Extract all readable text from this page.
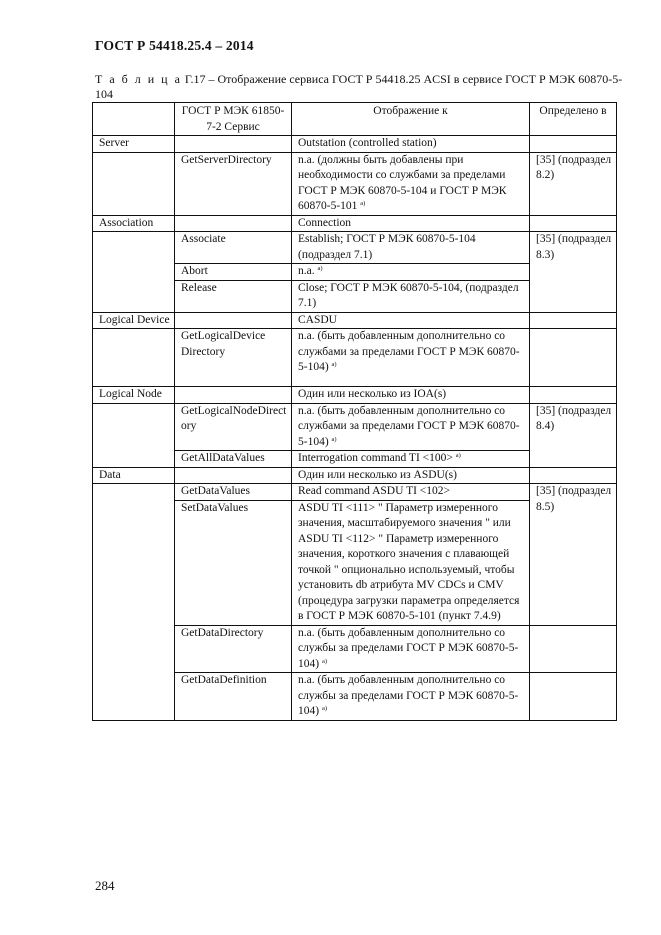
ГОСТ Р 54418.25.4 – 2014
Т а б л и ц а Г.17 – Отображение сервиса ГОСТ Р 54418.25 ACSI в сервисе ГОСТ Р МЭК 60870-5-104
	ГОСТ Р МЭК 61850-7-2 Сервис	Отображение к	Определено в
Server		Outstation (controlled station)	
	GetServerDirectory	n.a. (должны быть добавлены при необходимости со службами за пределами ГОСТ Р МЭК 60870-5-104 и ГОСТ Р МЭК 60870-5-101 $^{a)}$	[35] (подраздел 8.2)
Association		Connection	
	Associate	Establish; ГОСТ Р МЭК 60870-5-104 (подраздел 7.1)	[35] (подраздел 8.3)
	Abort	n.a. $^{a)}$
	Release	Close; ГОСТ Р МЭК 60870-5-104, (подраздел 7.1)	
Logical Device		CASDU	
	GetLogicalDevice Directory	n.a. (быть добавленным дополнительно со службами за пределами ГОСТ Р МЭК 60870-5-104) $^{a)}$	
Logical Node		Один или несколько из IOA(s)	
	GetLogicalNodeDirectory	n.a. (быть добавленным дополнительно со службами за пределами ГОСТ Р МЭК 60870-5-104) $^{a)}$	[35] (подраздел 8.4)
	GetAllDataValues	Interrogation command TI <100> $^{a)}$
Data		Один или несколько из ASDU(s)	
	GetDataValues	Read command ASDU TI <102>	[35] (подраздел 8.5)
	SetDataValues	ASDU TI <111> " Параметр измеренного значения, масштабируемого значения " или ASDU TI <112> " Параметр измеренного значения, короткого значения с плавающей точкой " опционально используемый, чтобы установить db атрибута MV CDCs и CMV (процедура загрузки параметра определяется в ГОСТ Р МЭК 60870-5-101 (пункт 7.4.9)	
	GetDataDirectory	n.a. (быть добавленным дополнительно со службы за пределами ГОСТ Р МЭК 60870-5-104) $^{a)}$	
	GetDataDefinition	n.a. (быть добавленным дополнительно со службы за пределами ГОСТ Р МЭК 60870-5-104) $^{a)}$	
284
